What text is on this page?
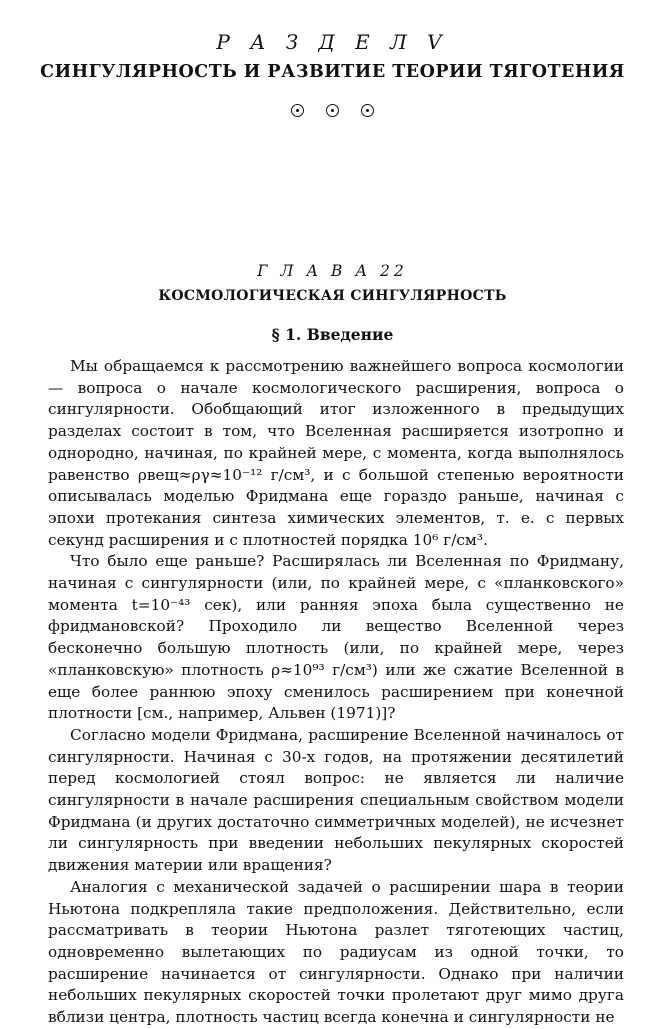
Р А З Д Е Л V
СИНГУЛЯРНОСТЬ И РАЗВИТИЕ ТЕОРИИ ТЯГОТЕНИЯ
Г Л А В А 22
КОСМОЛОГИЧЕСКАЯ СИНГУЛЯРНОСТЬ
§ 1. Введение

Мы обращаемся к рассмотрению важнейшего вопроса космологии — вопроса о начале космологического расширения, вопроса о сингулярности. Обобщающий итог изложенного в предыдущих разделах состоит в том, что Вселенная расширяется изотропно и однородно, начиная, по крайней мере, с момента, когда выполнялось равенство ρвещ≈ργ≈10⁻¹² г/см³, и с большой степенью вероятности описывалась моделью Фридмана еще гораздо раньше, начиная с эпохи протекания синтеза химических элементов, т. е. с первых секунд расширения и с плотностей порядка 10⁶ г/см³.

Что было еще раньше? Расширялась ли Вселенная по Фридману, начиная с сингулярности (или, по крайней мере, с «планковского» момента t=10⁻⁴³ сек), или ранняя эпоха была существенно не фридмановской? Проходило ли вещество Вселенной через бесконечно большую плотность (или, по крайней мере, через «планковскую» плотность ρ≈10⁹³ г/см³) или же сжатие Вселенной в еще более раннюю эпоху сменилось расширением при конечной плотности [см., например, Альвен (1971)]?

Согласно модели Фридмана, расширение Вселенной начиналось от сингулярности. Начиная с 30-х годов, на протяжении десятилетий перед космологией стоял вопрос: не является ли наличие сингулярности в начале расширения специальным свойством модели Фридмана (и других достаточно симметричных моделей), не исчезнет ли сингулярность при введении небольших пекулярных скоростей движения материи или вращения?

Аналогия с механической задачей о расширении шара в теории Ньютона подкрепляла такие предположения. Действительно, если рассматривать в теории Ньютона разлет тяготеющих частиц, одновременно вылетающих по радиусам из одной точки, то расширение начинается от сингулярности. Однако при наличии небольших пекулярных скоростей точки пролетают друг мимо друга вблизи центра, плотность частиц всегда конечна и сингулярности не
